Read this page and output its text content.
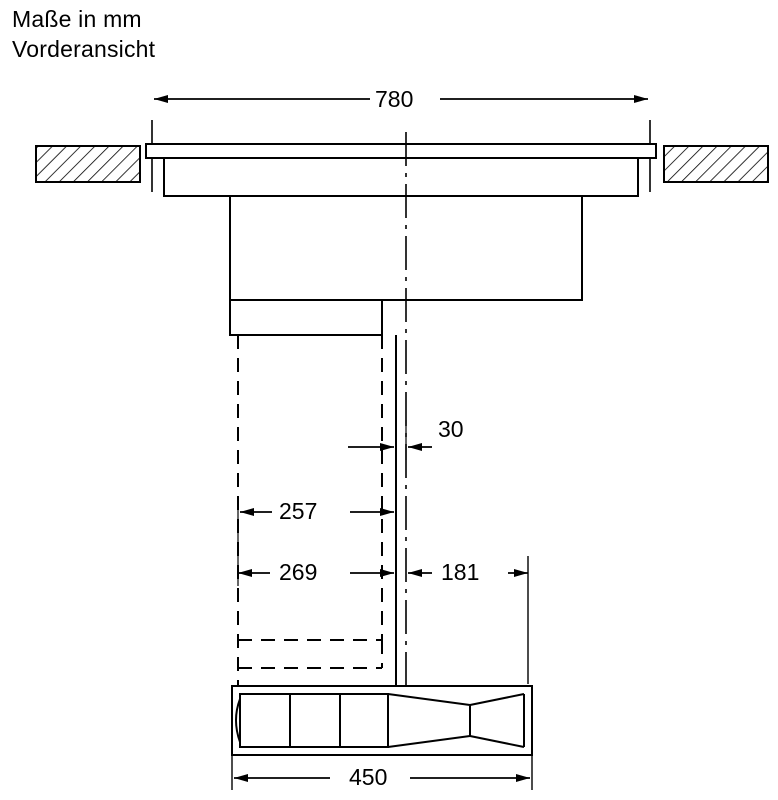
Maße in mm
Vorderansicht
780
30
257
269	181
450
